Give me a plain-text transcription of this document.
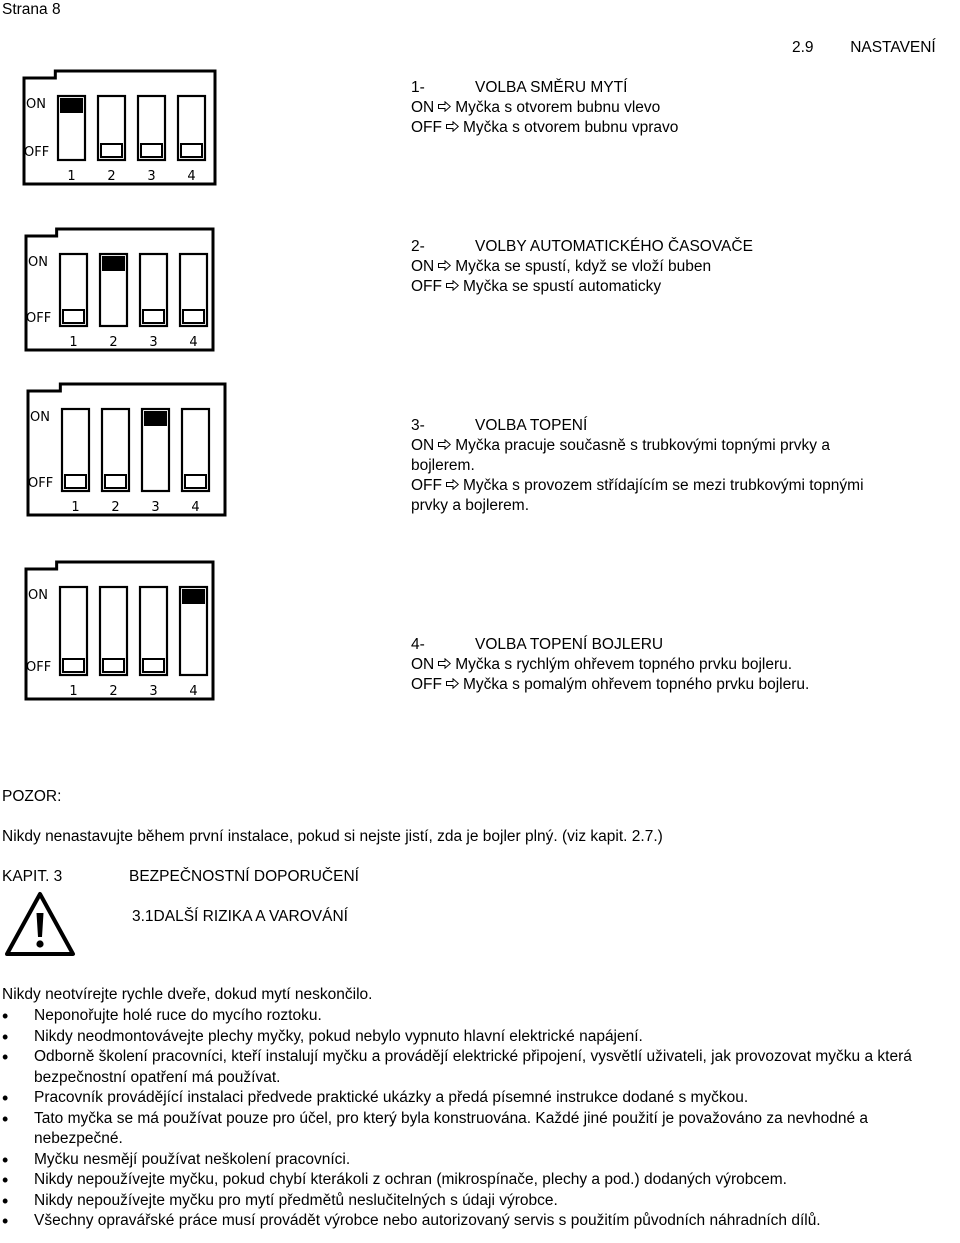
Strana 8
2.9 NASTAVENÍ
ON
OFF
1 2 3 4
ON
OFF
1 2 3 4
ON
OFF
1 2 3 4
ON
OFF
1 2 3 4
1-	VOLBA SMĚRU MYTÍ
ON Myčka s otvorem bubnu vlevo
OFF Myčka s otvorem bubnu vpravo
2-	VOLBY AUTOMATICKÉHO ČASOVAČE
ON Myčka se spustí, když se vloží buben
OFF Myčka se spustí automaticky
3-	VOLBA TOPENÍ
ON Myčka pracuje současně s trubkovými topnými prvky a
bojlerem.
OFF Myčka s provozem střídajícím se mezi trubkovými topnými
prvky a bojlerem.
4-	VOLBA TOPENÍ BOJLERU
ON Myčka s rychlým ohřevem topného prvku bojleru.
OFF Myčka s pomalým ohřevem topného prvku bojleru.
POZOR:
Nikdy nenastavujte během první instalace, pokud si nejste jistí, zda je bojler plný. (viz kapit. 2.7.)
KAPIT. 3	BEZPEČNOSTNÍ DOPORUČENÍ
3.1DALŠÍ RIZIKA A VAROVÁNÍ
Nikdy neotvírejte rychle dveře, dokud mytí neskončilo.
• Neponořujte holé ruce do mycího roztoku.
• Nikdy neodmontovávejte plechy myčky, pokud nebylo vypnuto hlavní elektrické napájení.
• Odborně školení pracovníci, kteří instalují myčku a provádějí elektrické připojení, vysvětlí uživateli, jak provozovat myčku a která bezpečnostní opatření má používat.
• Pracovník provádějící instalaci předvede praktické ukázky a předá písemné instrukce dodané s myčkou.
• Tato myčka se má používat pouze pro účel, pro který byla konstruována. Každé jiné použití je považováno za nevhodné a nebezpečné.
• Myčku nesmějí používat neškolení pracovníci.
• Nikdy nepoužívejte myčku, pokud chybí kterákoli z ochran (mikrospínače, plechy a pod.) dodaných výrobcem.
• Nikdy nepoužívejte myčku pro mytí předmětů neslučitelných s údaji výrobce.
• Všechny opravářské práce musí provádět výrobce nebo autorizovaný servis s použitím původních náhradních dílů.
